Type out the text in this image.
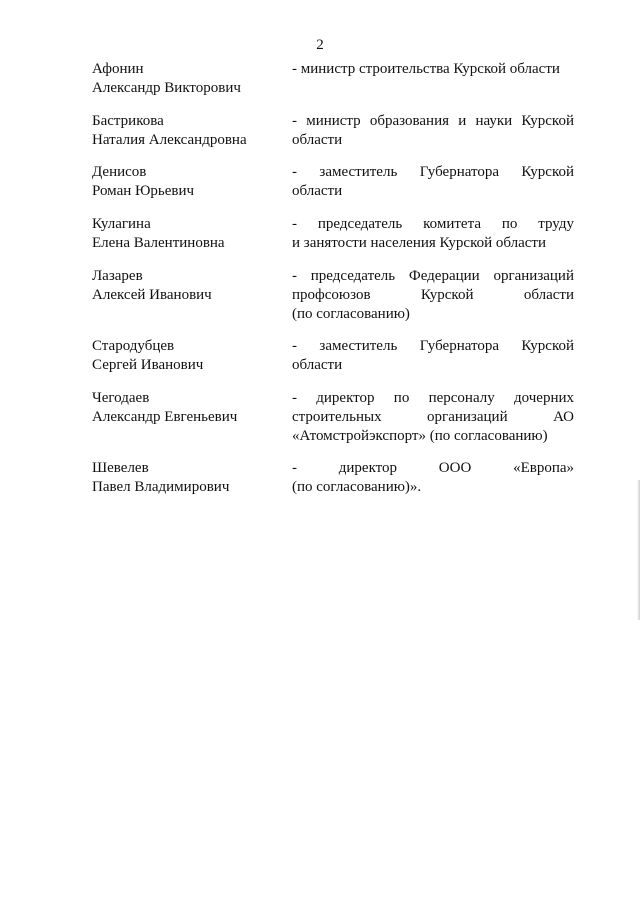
2
Афонин
Александр Викторович
- министр строительства Курской области
Бастрикова
Наталия Александровна
- министр образования и науки Курской
области
Денисов
Роман Юрьевич
- заместитель Губернатора Курской
области
Кулагина
Елена Валентиновна
- председатель комитета по труду
и занятости населения Курской области
Лазарев
Алексей Иванович
- председатель Федерации организаций
профсоюзов Курской области
(по согласованию)
Стародубцев
Сергей Иванович
- заместитель Губернатора Курской
области
Чегодаев
Александр Евгеньевич
- директор по персоналу дочерних
строительных организаций АО
«Атомстройэкспорт» (по согласованию)
Шевелев
Павел Владимирович
- директор ООО «Европа»
(по согласованию)».
